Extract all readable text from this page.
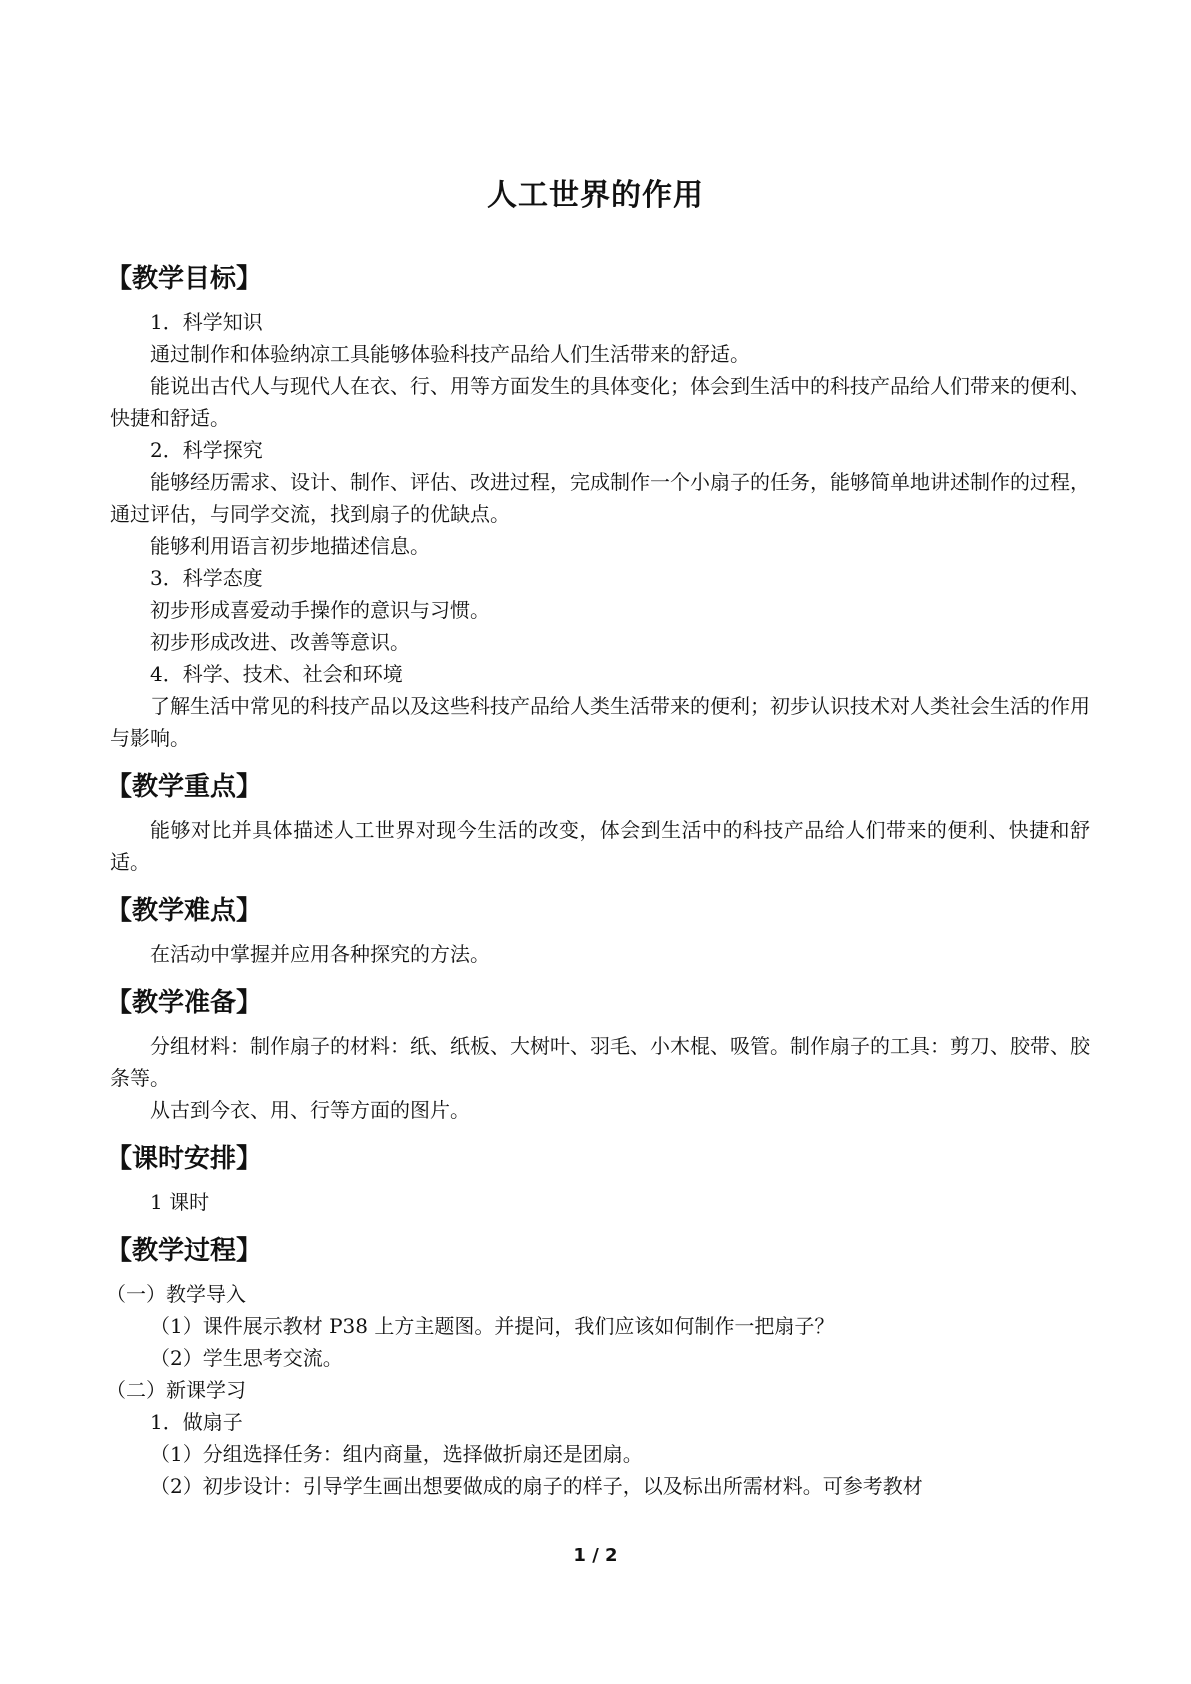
人工世界的作用
【教学目标】
1．科学知识
通过制作和体验纳凉工具能够体验科技产品给人们生活带来的舒适。
能说出古代人与现代人在衣、行、用等方面发生的具体变化；体会到生活中的科技产品给人们带来的便利、快捷和舒适。
2．科学探究
能够经历需求、设计、制作、评估、改进过程，完成制作一个小扇子的任务，能够简单地讲述制作的过程，通过评估，与同学交流，找到扇子的优缺点。
能够利用语言初步地描述信息。
3．科学态度
初步形成喜爱动手操作的意识与习惯。
初步形成改进、改善等意识。
4．科学、技术、社会和环境
了解生活中常见的科技产品以及这些科技产品给人类生活带来的便利；初步认识技术对人类社会生活的作用与影响。
【教学重点】
能够对比并具体描述人工世界对现今生活的改变，体会到生活中的科技产品给人们带来的便利、快捷和舒适。
【教学难点】
在活动中掌握并应用各种探究的方法。
【教学准备】
分组材料：制作扇子的材料：纸、纸板、大树叶、羽毛、小木棍、吸管。制作扇子的工具：剪刀、胶带、胶条等。
从古到今衣、用、行等方面的图片。
【课时安排】
1 课时
【教学过程】
（一）教学导入
（1）课件展示教材 P38 上方主题图。并提问，我们应该如何制作一把扇子？
（2）学生思考交流。
（二）新课学习
1．做扇子
（1）分组选择任务：组内商量，选择做折扇还是团扇。
（2）初步设计：引导学生画出想要做成的扇子的样子，以及标出所需材料。可参考教材
1 / 2
